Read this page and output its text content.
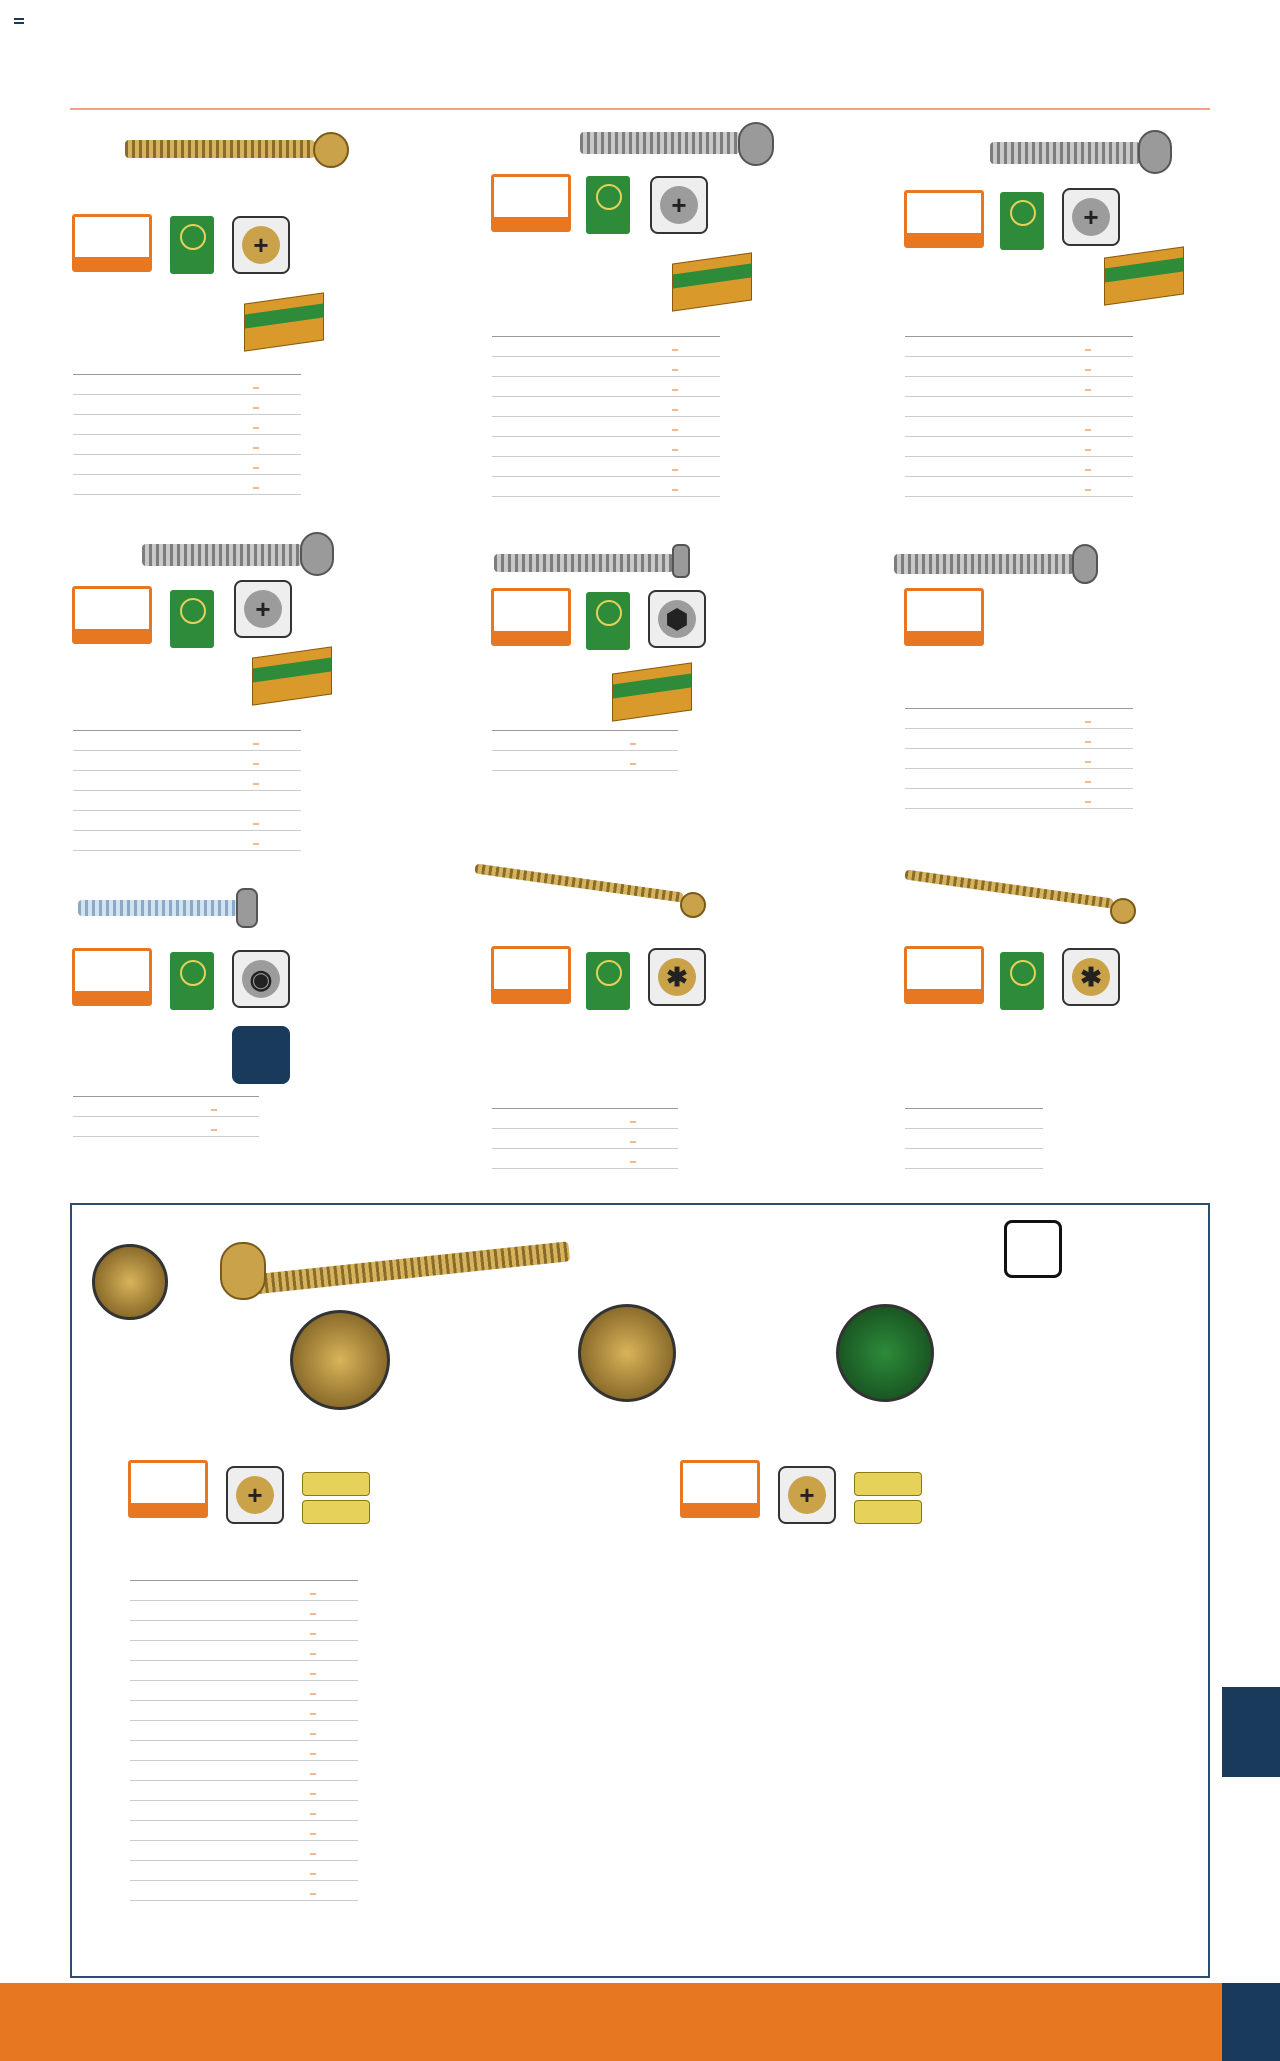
+

+

				+

+

				⬢

◉

			✱

			✱

+

				+
